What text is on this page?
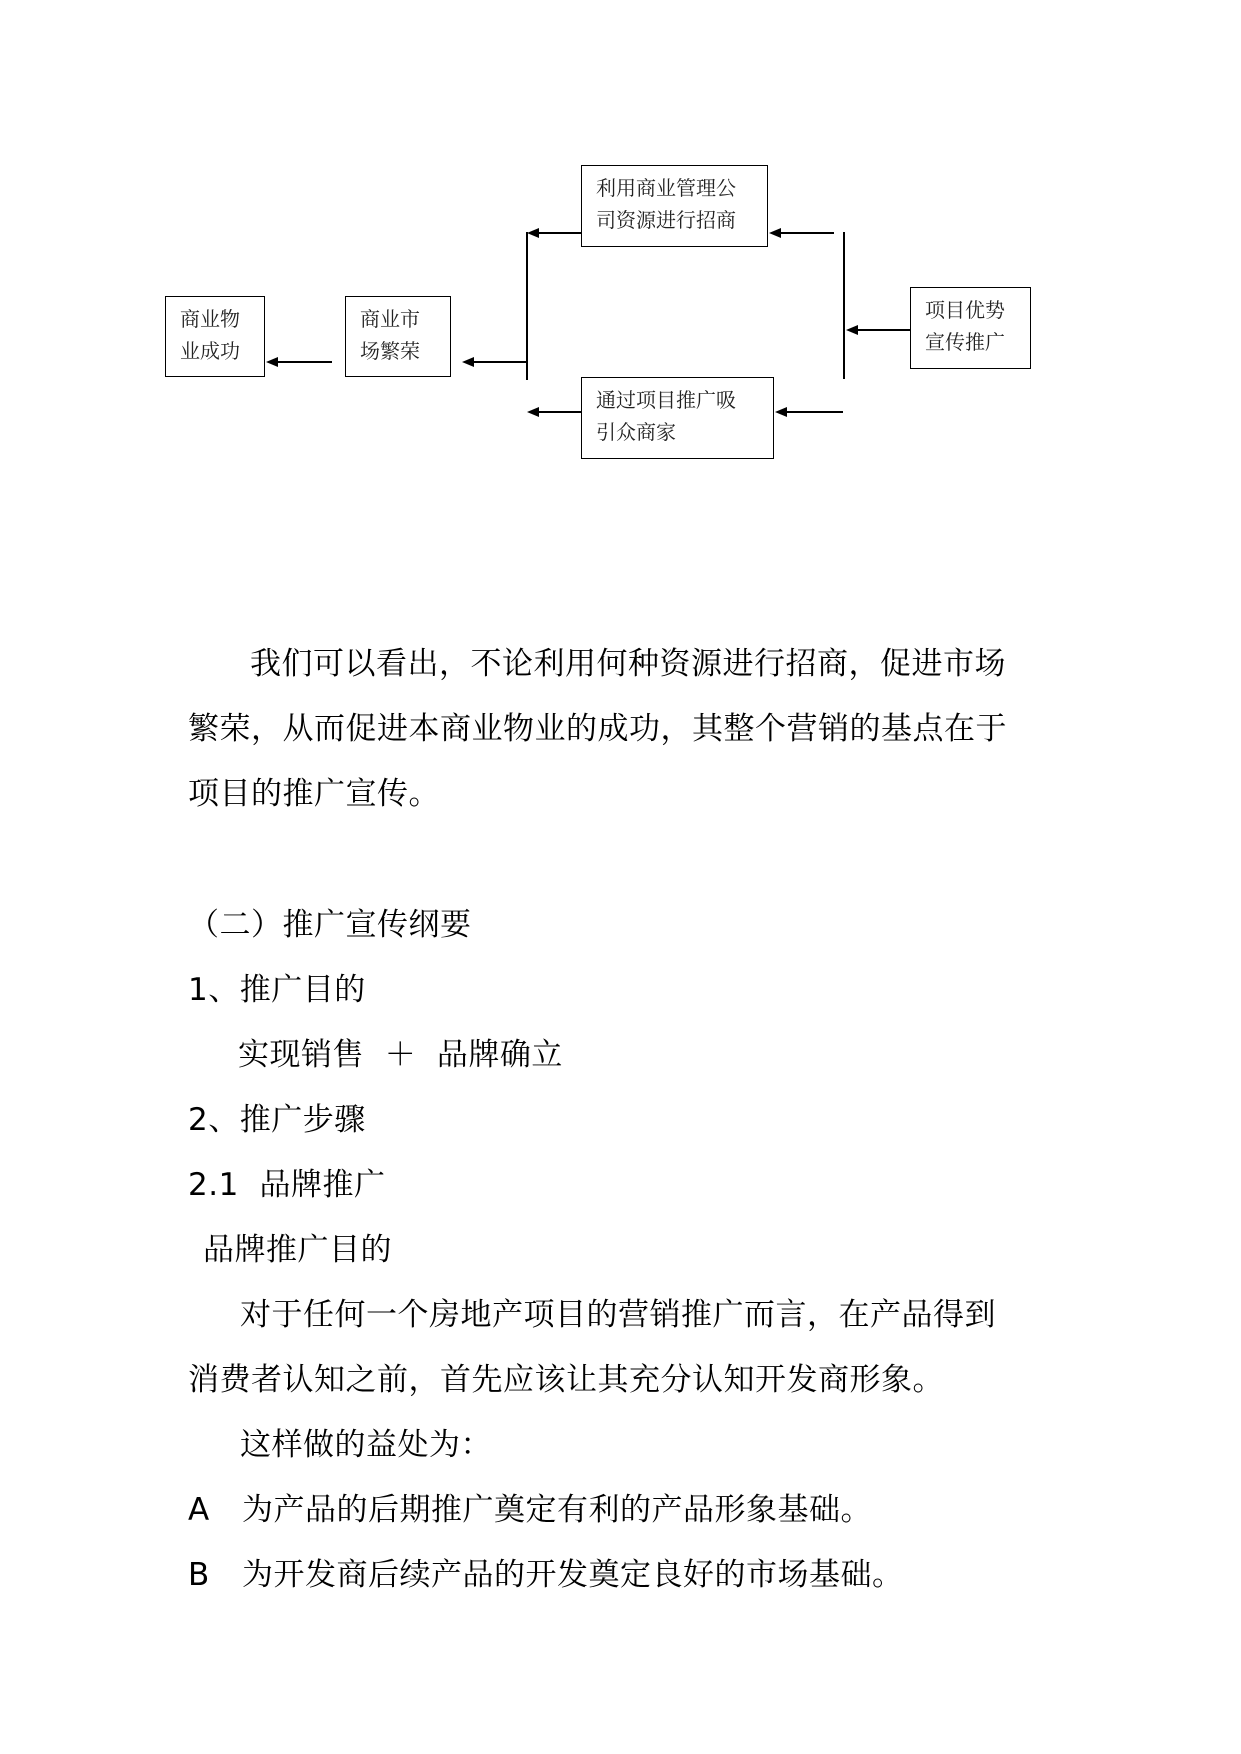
商业物
业成功
商业市
场繁荣
利用商业管理公
司资源进行招商
通过项目推广吸
引众商家
项目优势
宣传推广
我们可以看出，不论利用何种资源进行招商，促进市场
繁荣，从而促进本商业物业的成功，其整个营销的基点在于
项目的推广宣传。
（二）推广宣传纲要
1、推广目的
实现销售  ＋  品牌确立
2、推广步骤
2.1  品牌推广
品牌推广目的
对于任何一个房地产项目的营销推广而言，在产品得到
消费者认知之前，首先应该让其充分认知开发商形象。
这样做的益处为：
A 为产品的后期推广奠定有利的产品形象基础。
B 为开发商后续产品的开发奠定良好的市场基础。
